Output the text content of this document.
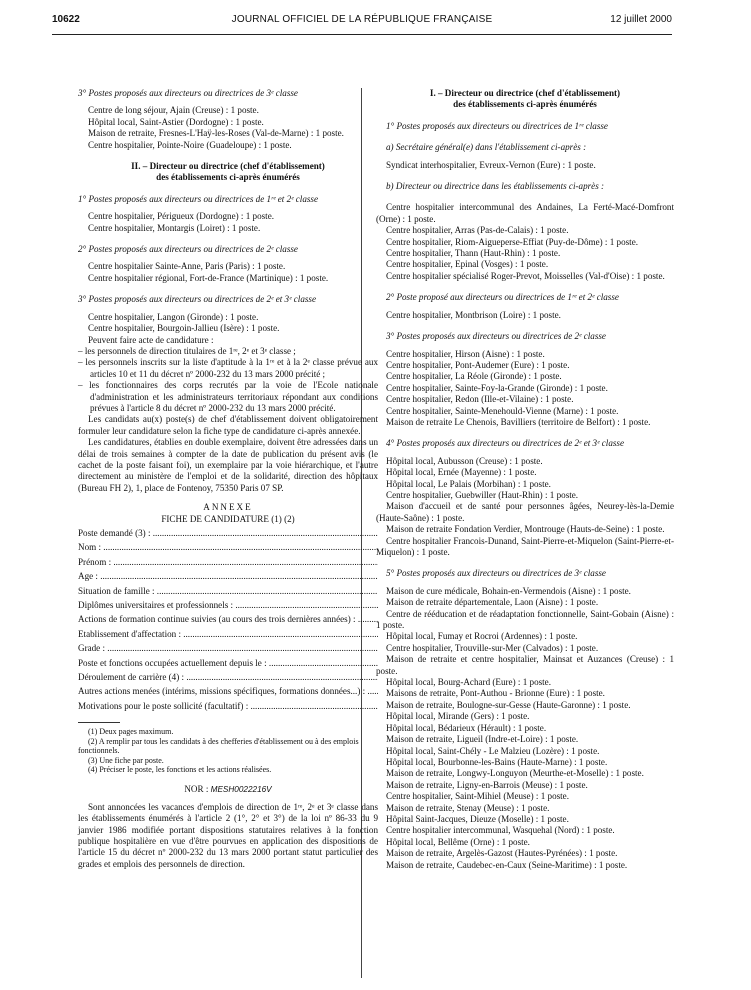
10622	JOURNAL OFFICIEL DE LA RÉPUBLIQUE FRANÇAISE	12 juillet 2000

3° Postes proposés aux directeurs ou directrices de 3ᵉ classe

Centre de long séjour, Ajain (Creuse) : 1 poste.

Hôpital local, Saint-Astier (Dordogne) : 1 poste.

Maison de retraite, Fresnes-L'Haÿ-les-Roses (Val-de-Marne) : 1 poste.

Centre hospitalier, Pointe-Noire (Guadeloupe) : 1 poste.

II. – Directeur ou directrice (chef d'établissement)

des établissements ci-après énumérés

1° Postes proposés aux directeurs ou directrices de 1ʳᵉ et 2ᵉ classe

Centre hospitalier, Périgueux (Dordogne) : 1 poste.

Centre hospitalier, Montargis (Loiret) : 1 poste.

2° Postes proposés aux directeurs ou directrices de 2ᵉ classe

Centre hospitalier Sainte-Anne, Paris (Paris) : 1 poste.

Centre hospitalier régional, Fort-de-France (Martinique) : 1 poste.

3° Postes proposés aux directeurs ou directrices de 2ᵉ et 3ᵉ classe

Centre hospitalier, Langon (Gironde) : 1 poste.

Centre hospitalier, Bourgoin-Jallieu (Isère) : 1 poste.

Peuvent faire acte de candidature :

– les personnels de direction titulaires de 1ʳᵉ, 2ᵉ et 3ᵉ classe ;

– les personnels inscrits sur la liste d'aptitude à la 1ʳᵉ et à la 2ᵉ classe prévue aux articles 10 et 11 du décret nº 2000-232 du 13 mars 2000 précité ;

– les fonctionnaires des corps recrutés par la voie de l'Ecole nationale d'administration et les administrateurs territoriaux répondant aux conditions prévues à l'article 8 du décret nº 2000-232 du 13 mars 2000 précité.

Les candidats au(x) poste(s) de chef d'établissement doivent obligatoirement formuler leur candidature selon la fiche type de candidature ci-après annexée.

Les candidatures, établies en double exemplaire, doivent être adressées dans un délai de trois semaines à compter de la date de publication du présent avis (le cachet de la poste faisant foi), un exemplaire par la voie hiérarchique, et l'autre directement au ministère de l'emploi et de la solidarité, direction des hôpitaux (Bureau FH 2), 1, place de Fontenoy, 75350 Paris 07 SP.

ANNEXE

FICHE DE CANDIDATURE (1) (2)

Poste demandé (3) : .....

Nom : .....

Prénom : .....

Age : .....

Situation de famille : .....

Diplômes universitaires et professionnels : .....

Actions de formation continue suivies (au cours des trois dernières années) : .....

Etablissement d'affectation : .....

Grade : .....

Poste et fonctions occupées actuellement depuis le : .....

Déroulement de carrière (4) : .....

Autres actions menées (intérims, missions spécifiques, formations données...) : .....

Motivations pour le poste sollicité (facultatif) : .....

(1) Deux pages maximum.

(2) A remplir par tous les candidats à des chefferies d'établissement ou à des emplois fonctionnels.

(3) Une fiche par poste.

(4) Préciser le poste, les fonctions et les actions réalisées.

NOR : MESH0022216V

Sont annoncées les vacances d'emplois de direction de 1ʳᵉ, 2ᵉ et 3ᵉ classe dans les établissements énumérés à l'article 2 (1°, 2° et 3°) de la loi nº 86-33 du 9 janvier 1986 modifiée portant dispositions statutaires relatives à la fonction publique hospitalière en vue d'être pourvues en application des dispositions de l'article 15 du décret nº 2000-232 du 13 mars 2000 portant statut particulier des grades et emplois des personnels de direction.

I. – Directeur ou directrice (chef d'établissement)

des établissements ci-après énumérés

1° Postes proposés aux directeurs ou directrices de 1ʳᵉ classe

a) Secrétaire général(e) dans l'établissement ci-après :

Syndicat interhospitalier, Evreux-Vernon (Eure) : 1 poste.

b) Directeur ou directrice dans les établissements ci-après :

Centre hospitalier intercommunal des Andaines, La Ferté-Macé-Domfront (Orne) : 1 poste.

Centre hospitalier, Arras (Pas-de-Calais) : 1 poste.

Centre hospitalier, Riom-Aigueperse-Effiat (Puy-de-Dôme) : 1 poste.

Centre hospitalier, Thann (Haut-Rhin) : 1 poste.

Centre hospitalier, Epinal (Vosges) : 1 poste.

Centre hospitalier spécialisé Roger-Prevot, Moisselles (Val-d'Oise) : 1 poste.

2° Poste proposé aux directeurs ou directrices de 1ʳᵉ et 2ᵉ classe

Centre hospitalier, Montbrison (Loire) : 1 poste.

3° Postes proposés aux directeurs ou directrices de 2ᵉ classe

Centre hospitalier, Hirson (Aisne) : 1 poste.

Centre hospitalier, Pont-Audemer (Eure) : 1 poste.

Centre hospitalier, La Réole (Gironde) : 1 poste.

Centre hospitalier, Sainte-Foy-la-Grande (Gironde) : 1 poste.

Centre hospitalier, Redon (Ille-et-Vilaine) : 1 poste.

Centre hospitalier, Sainte-Menehould-Vienne (Marne) : 1 poste.

Maison de retraite Le Chenois, Bavilliers (territoire de Belfort) : 1 poste.

4° Postes proposés aux directeurs ou directrices de 2ᵉ et 3ᵉ classe

Hôpital local, Aubusson (Creuse) : 1 poste.

Hôpital local, Ernée (Mayenne) : 1 poste.

Hôpital local, Le Palais (Morbihan) : 1 poste.

Centre hospitalier, Guebwiller (Haut-Rhin) : 1 poste.

Maison d'accueil et de santé pour personnes âgées, Neurey-lès-la-Demie (Haute-Saône) : 1 poste.

Maison de retraite Fondation Verdier, Montrouge (Hauts-de-Seine) : 1 poste.

Centre hospitalier Francois-Dunand, Saint-Pierre-et-Miquelon (Saint-Pierre-et-Miquelon) : 1 poste.

5° Postes proposés aux directeurs ou directrices de 3ᵉ classe

Maison de cure médicale, Bohain-en-Vermendois (Aisne) : 1 poste.

Maison de retraite départementale, Laon (Aisne) : 1 poste.

Centre de rééducation et de réadaptation fonctionnelle, Saint-Gobain (Aisne) : 1 poste.

Hôpital local, Fumay et Rocroi (Ardennes) : 1 poste.

Centre hospitalier, Trouville-sur-Mer (Calvados) : 1 poste.

Maison de retraite et centre hospitalier, Mainsat et Auzances (Creuse) : 1 poste.

Hôpital local, Bourg-Achard (Eure) : 1 poste.

Maisons de retraite, Pont-Authou - Brionne (Eure) : 1 poste.

Maison de retraite, Boulogne-sur-Gesse (Haute-Garonne) : 1 poste.

Hôpital local, Mirande (Gers) : 1 poste.

Hôpital local, Bédarieux (Hérault) : 1 poste.

Maison de retraite, Ligueil (Indre-et-Loire) : 1 poste.

Hôpital local, Saint-Chély - Le Malzieu (Lozère) : 1 poste.

Hôpital local, Bourbonne-les-Bains (Haute-Marne) : 1 poste.

Maison de retraite, Longwy-Longuyon (Meurthe-et-Moselle) : 1 poste.

Maison de retraite, Ligny-en-Barrois (Meuse) : 1 poste.

Centre hospitalier, Saint-Mihiel (Meuse) : 1 poste.

Maison de retraite, Stenay (Meuse) : 1 poste.

Hôpital Saint-Jacques, Dieuze (Moselle) : 1 poste.

Centre hospitalier intercommunal, Wasquehal (Nord) : 1 poste.

Hôpital local, Bellême (Orne) : 1 poste.

Maison de retraite, Argelès-Gazost (Hautes-Pyrénées) : 1 poste.

Maison de retraite, Caudebec-en-Caux (Seine-Maritime) : 1 poste.
